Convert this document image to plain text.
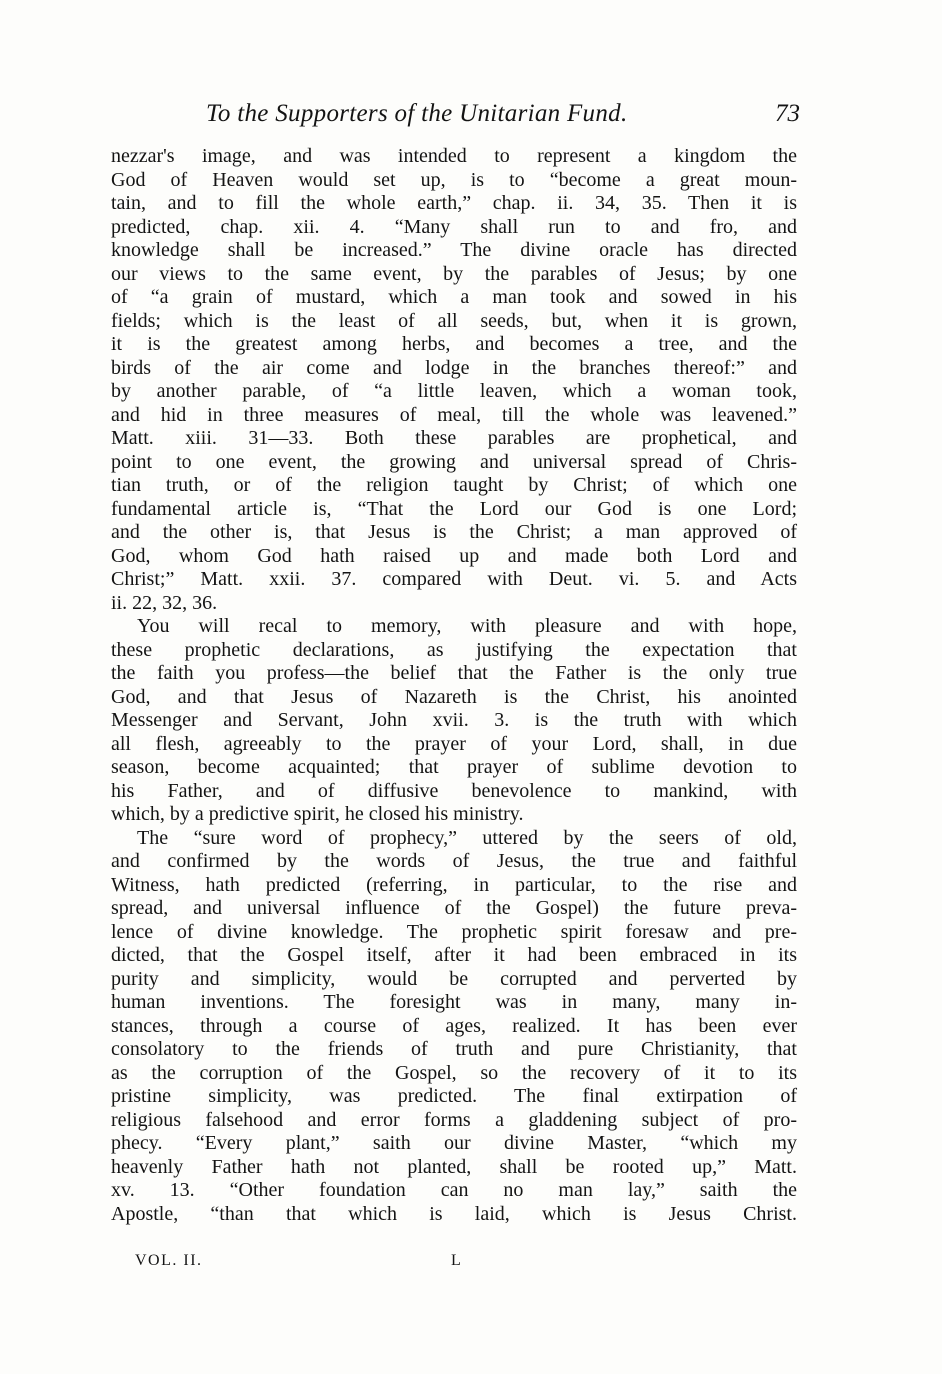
To the Supporters of the Unitarian Fund.	73
nezzar's image, and was intended to represent a kingdom the
God of Heaven would set up, is to “become a great moun-
tain, and to fill the whole earth,” chap. ii. 34, 35. Then it is
predicted, chap. xii. 4. “Many shall run to and fro, and
knowledge shall be increased.” The divine oracle has directed
our views to the same event, by the parables of Jesus; by one
of “a grain of mustard, which a man took and sowed in his
fields; which is the least of all seeds, but, when it is grown,
it is the greatest among herbs, and becomes a tree, and the
birds of the air come and lodge in the branches thereof:” and
by another parable, of “a little leaven, which a woman took,
and hid in three measures of meal, till the whole was leavened.”
Matt. xiii. 31—33. Both these parables are prophetical, and
point to one event, the growing and universal spread of Chris-
tian truth, or of the religion taught by Christ; of which one
fundamental article is, “That the Lord our God is one Lord;
and the other is, that Jesus is the Christ; a man approved of
God, whom God hath raised up and made both Lord and
Christ;” Matt. xxii. 37. compared with Deut. vi. 5. and Acts
ii. 22, 32, 36.
You will recal to memory, with pleasure and with hope,
these prophetic declarations, as justifying the expectation that
the faith you profess—the belief that the Father is the only true
God, and that Jesus of Nazareth is the Christ, his anointed
Messenger and Servant, John xvii. 3. is the truth with which
all flesh, agreeably to the prayer of your Lord, shall, in due
season, become acquainted; that prayer of sublime devotion to
his Father, and of diffusive benevolence to mankind, with
which, by a predictive spirit, he closed his ministry.
The “sure word of prophecy,” uttered by the seers of old,
and confirmed by the words of Jesus, the true and faithful
Witness, hath predicted (referring, in particular, to the rise and
spread, and universal influence of the Gospel) the future preva-
lence of divine knowledge. The prophetic spirit foresaw and pre-
dicted, that the Gospel itself, after it had been embraced in its
purity and simplicity, would be corrupted and perverted by
human inventions. The foresight was in many, many in-
stances, through a course of ages, realized. It has been ever
consolatory to the friends of truth and pure Christianity, that
as the corruption of the Gospel, so the recovery of it to its
pristine simplicity, was predicted. The final extirpation of
religious falsehood and error forms a gladdening subject of pro-
phecy. “Every plant,” saith our divine Master, “which my
heavenly Father hath not planted, shall be rooted up,” Matt.
xv. 13. “Other foundation can no man lay,” saith the
Apostle, “than that which is laid, which is Jesus Christ.
VOL. II.	L
